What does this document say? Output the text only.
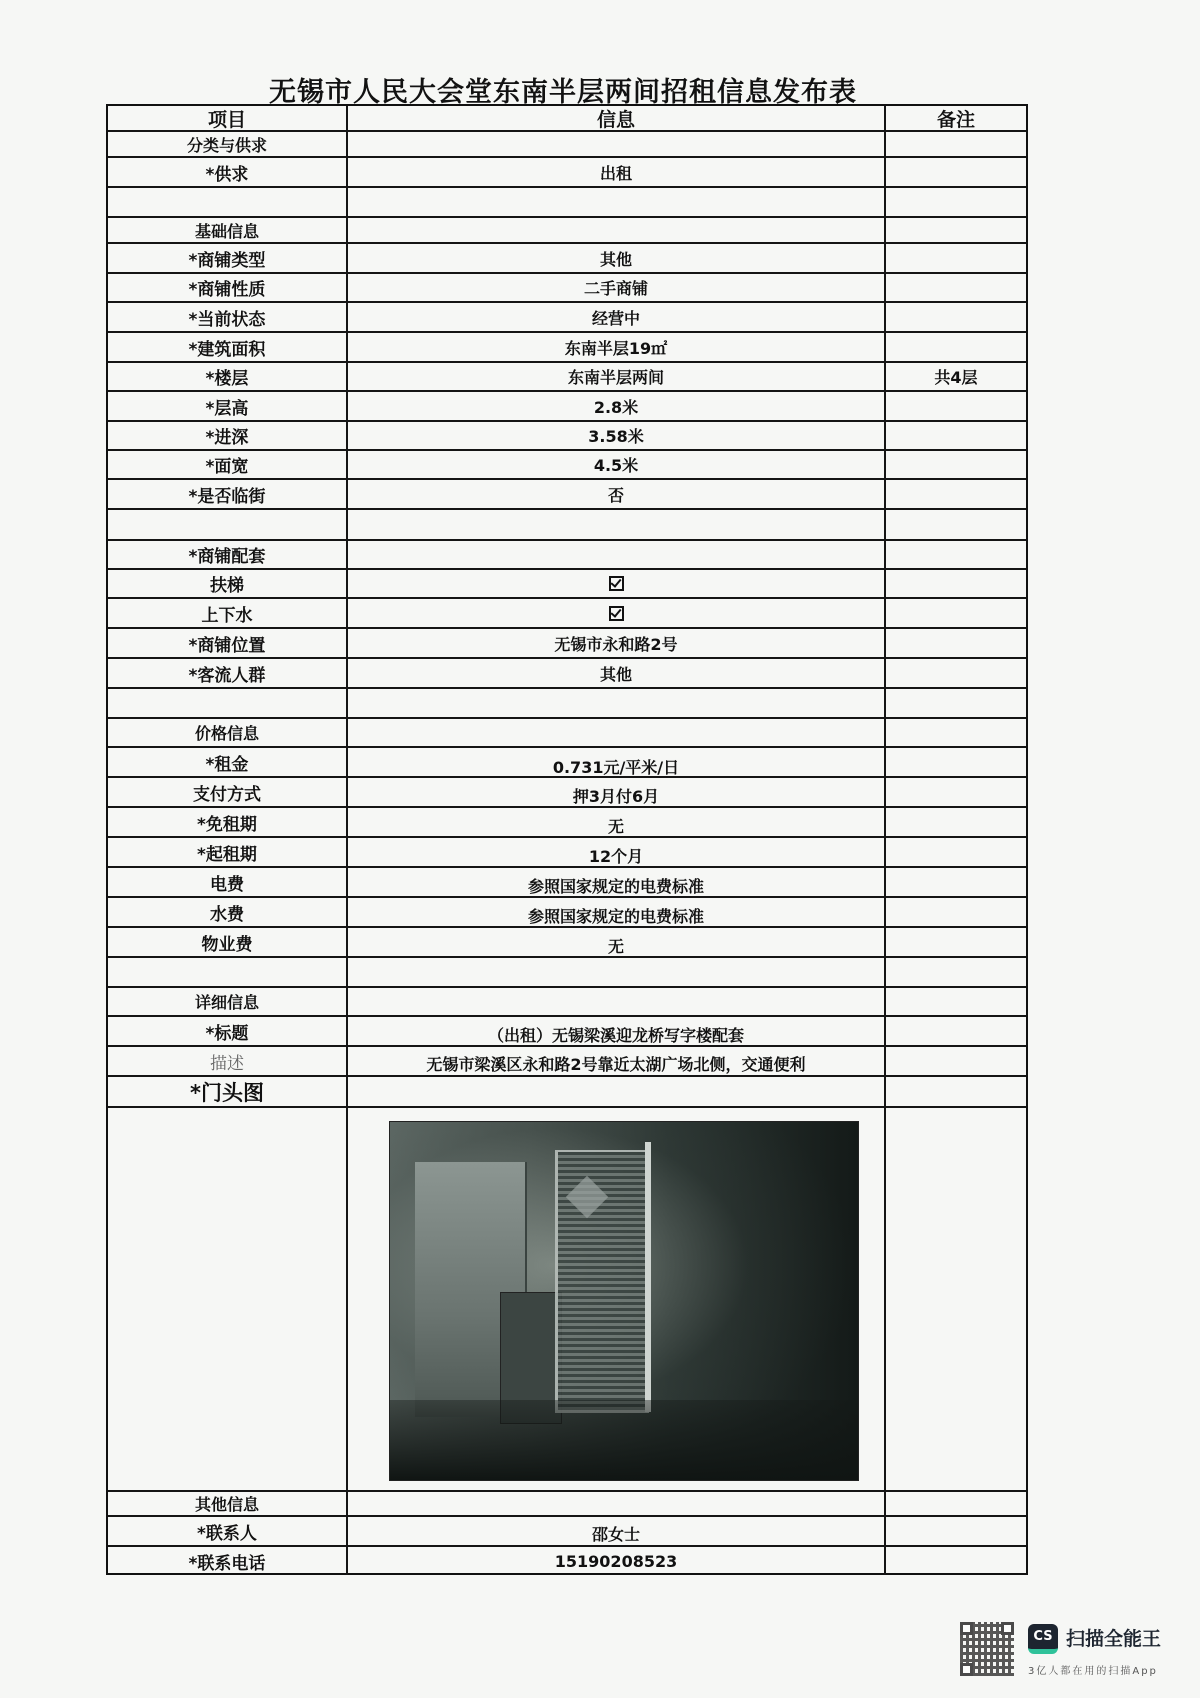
无锡市人民大会堂东南半层两间招租信息发布表
项目	信息	备注
分类与供求
*供求	出租
基础信息
*商铺类型	其他
*商铺性质	二手商铺
*当前状态	经营中
*建筑面积	东南半层19㎡
*楼层	东南半层两间	共4层
*层高	2.8米
*进深	3.58米
*面宽	4.5米
*是否临街	否
*商铺配套
扶梯
上下水
*商铺位置	无锡市永和路2号
*客流人群	其他
价格信息
*租金	0.731元/平米/日
支付方式	押3月付6月
*免租期	无
*起租期	12个月
电费	参照国家规定的电费标准
水费	参照国家规定的电费标准
物业费	无
详细信息
*标题	（出租）无锡梁溪迎龙桥写字楼配套
描述	无锡市梁溪区永和路2号靠近太湖广场北侧，交通便利
*门头图
其他信息
*联系人	邵女士
*联系电话	15190208523
CS 扫描全能王
3亿人都在用的扫描App
